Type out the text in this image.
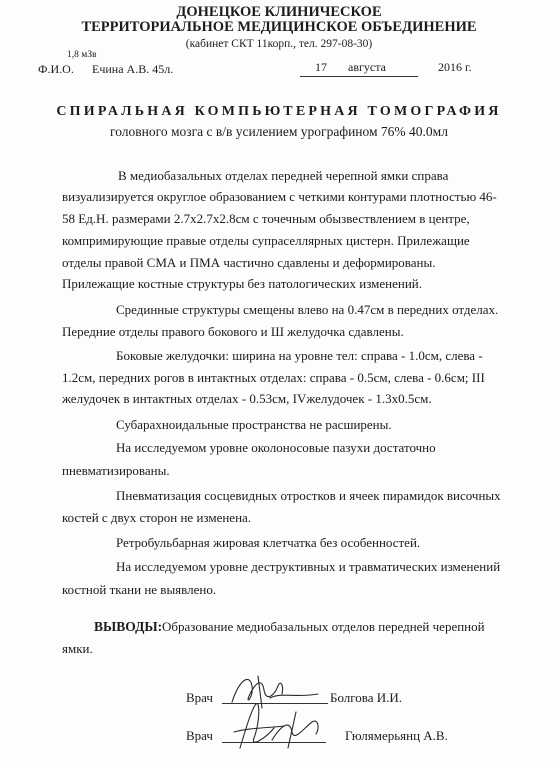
ДОНЕЦКОЕ КЛИНИЧЕСКОЕ
ТЕРРИТОРИАЛЬНОЕ МЕДИЦИНСКОЕ ОБЪЕДИНЕНИЕ
(кабинет СКТ 11корп., тел. 297-08-30)
1,8 мЗв
Ф.И.О. Ечина А.В. 45л.	17 августа	2016 г.
СПИРАЛЬНАЯ КОМПЬЮТЕРНАЯ ТОМОГРАФИЯ
головного мозга с в/в усилением урографином 76% 40.0мл
В медиобазальных отделах передней черепной ямки справа
визуализируется округлое образованием с четкими контурами плотностью 46-
58 Ед.Н. размерами 2.7х2.7х2.8см с точечным обызвествлением в центре,
компримирующие правые отделы супраселлярных цистерн. Прилежащие
отделы правой СМА и ПМА частично сдавлены и деформированы.
Прилежащие костные структуры без патологических изменений.
Срединные структуры смещены влево на 0.47см в передних отделах.
Передние отделы правого бокового и Ш желудочка сдавлены.
Боковые желудочки: ширина на уровне тел: справа - 1.0см, слева -
1.2см, передних рогов в интактных отделах: справа - 0.5см, слева - 0.6см; III
желудочек в интактных отделах - 0.53см, IVжелудочек - 1.3х0.5см.
Субарахноидальные пространства не расширены.
На исследуемом уровне околоносовые пазухи достаточно
пневматизированы.
Пневматизация сосцевидных отростков и ячеек пирамидок височных
костей с двух сторон не изменена.
Ретробульбарная жировая клетчатка без особенностей.
На исследуемом уровне деструктивных и травматических изменений
костной ткани не выявлено.
ВЫВОДЫ: Образование медиобазальных отделов передней черепной
ямки.
Врач	Болгова И.И.
Врач	Гюлямерьянц А.В.
